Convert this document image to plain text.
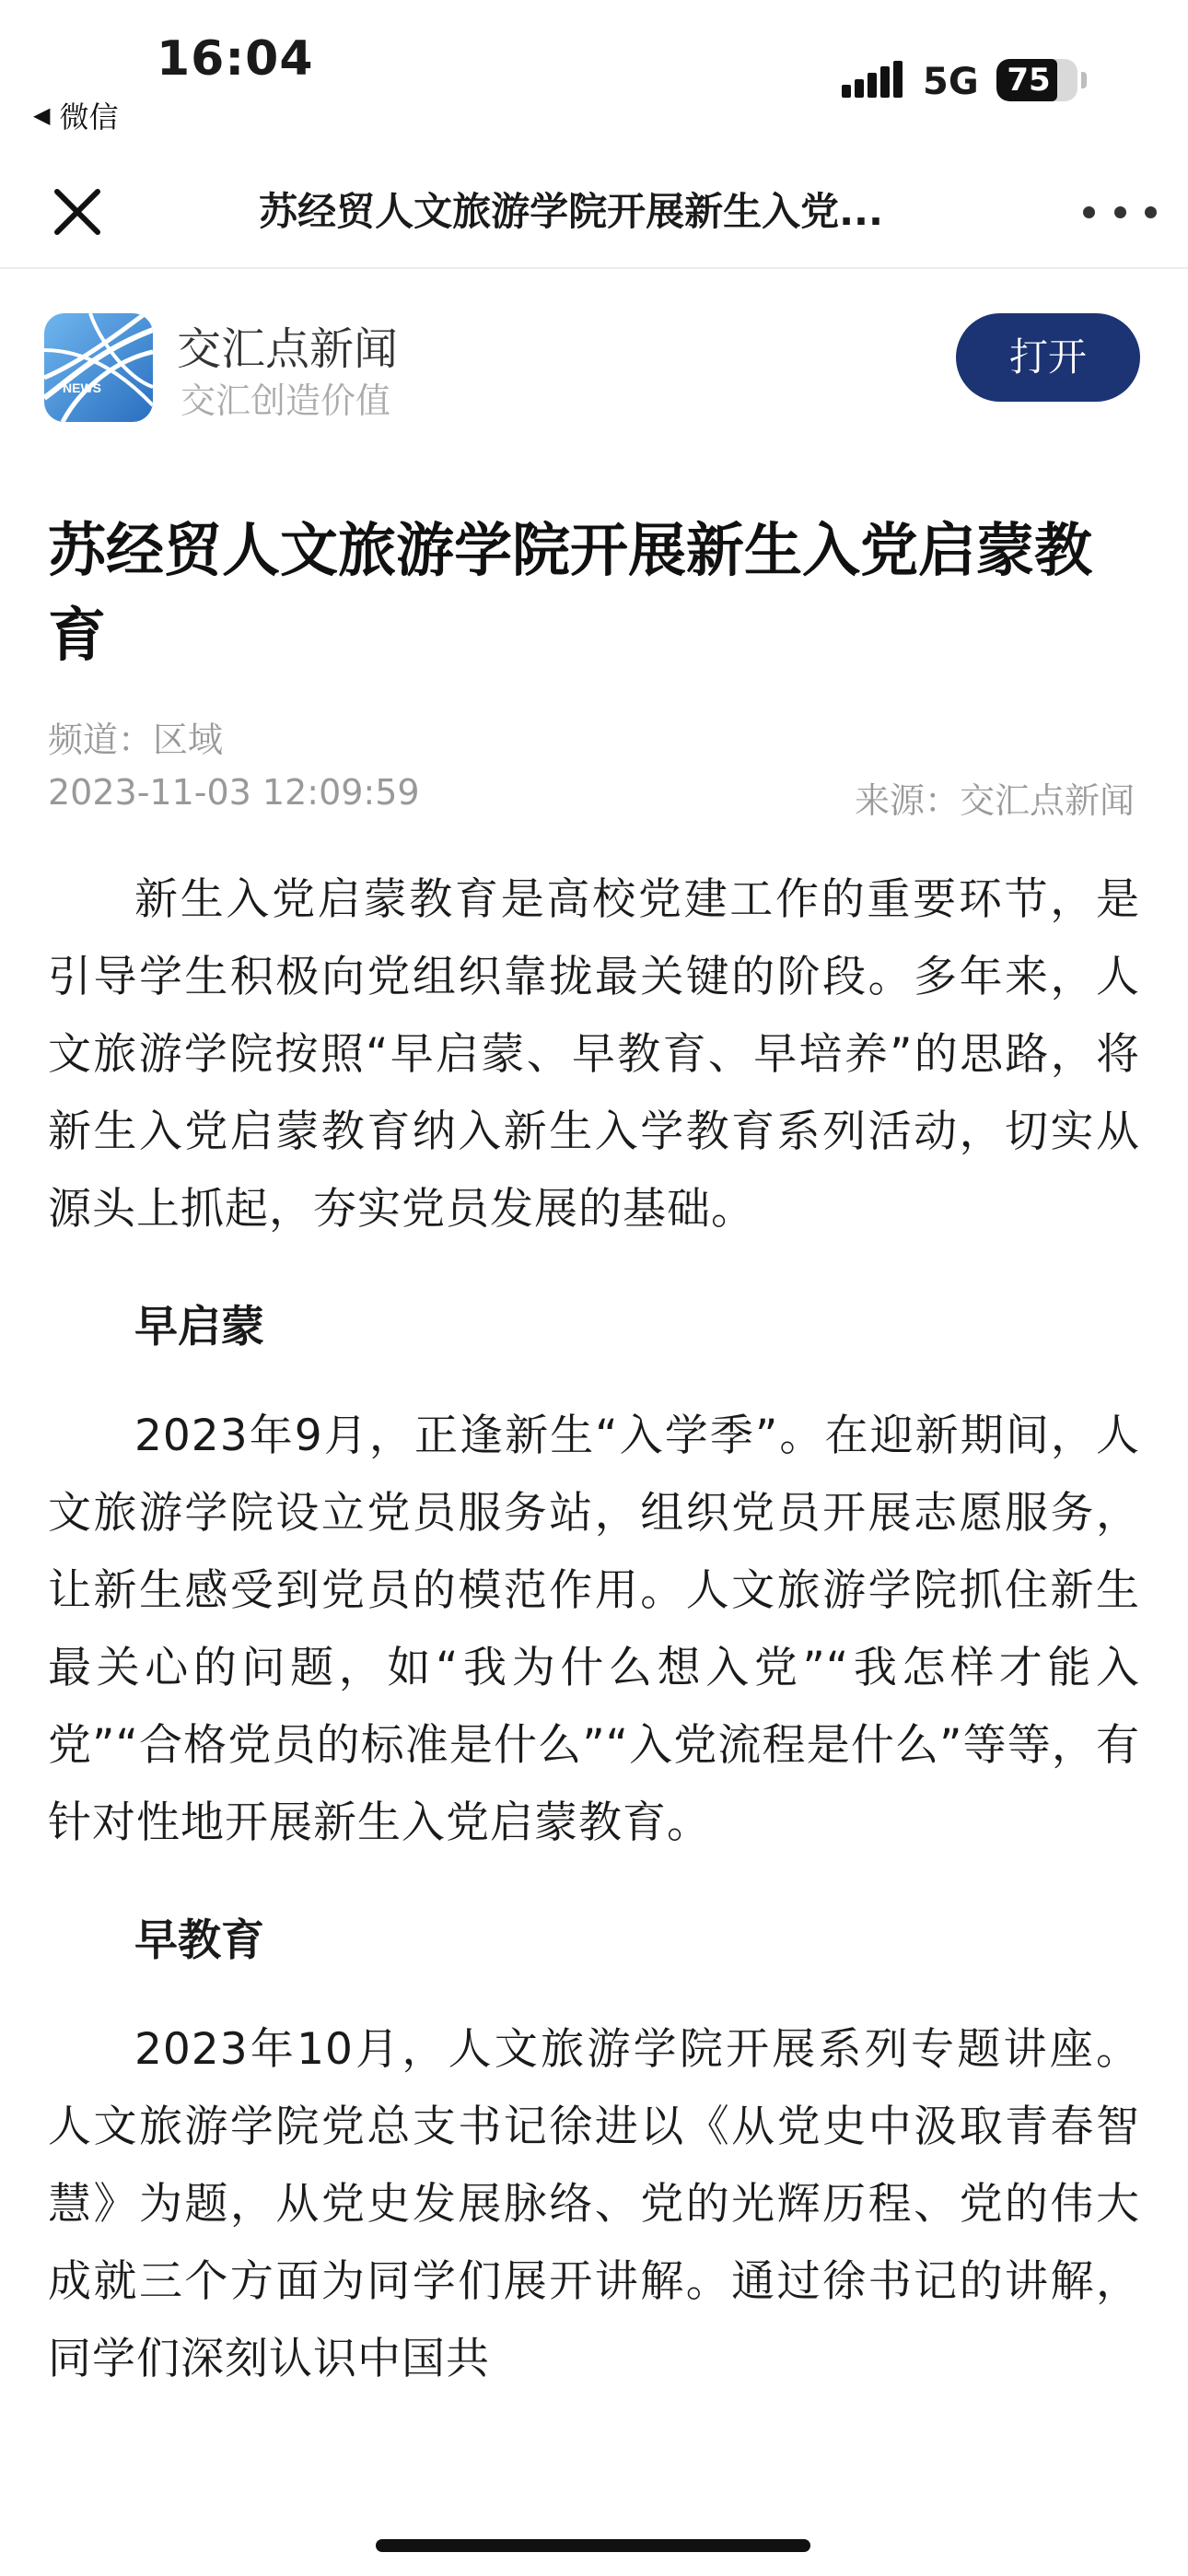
16:04
◀ 微信
5G 75
苏经贸人文旅游学院开展新生入党...
NEWS
交汇点新闻
交汇创造价值
打开
苏经贸人文旅游学院开展新生入党启蒙教育
频道：区域
2023-11-03 12:09:59	来源：交汇点新闻

新生入党启蒙教育是高校党建工作的重要环节，是引导学生积极向党组织靠拢最关键的阶段。多年来，人文旅游学院按照“早启蒙、早教育、早培养”的思路，将新生入党启蒙教育纳入新生入学教育系列活动，切实从源头上抓起，夯实党员发展的基础。

早启蒙

2023年9月，正逢新生“入学季”。在迎新期间，人文旅游学院设立党员服务站，组织党员开展志愿服务，让新生感受到党员的模范作用。人文旅游学院抓住新生最关心的问题，如“我为什么想入党”“我怎样才能入党”“合格党员的标准是什么”“入党流程是什么”等等，有针对性地开展新生入党启蒙教育。

早教育

2023年10月，人文旅游学院开展系列专题讲座。人文旅游学院党总支书记徐进以《从党史中汲取青春智慧》为题，从党史发展脉络、党的光辉历程、党的伟大成就三个方面为同学们展开讲解。通过徐书记的讲解，同学们深刻认识中国共
